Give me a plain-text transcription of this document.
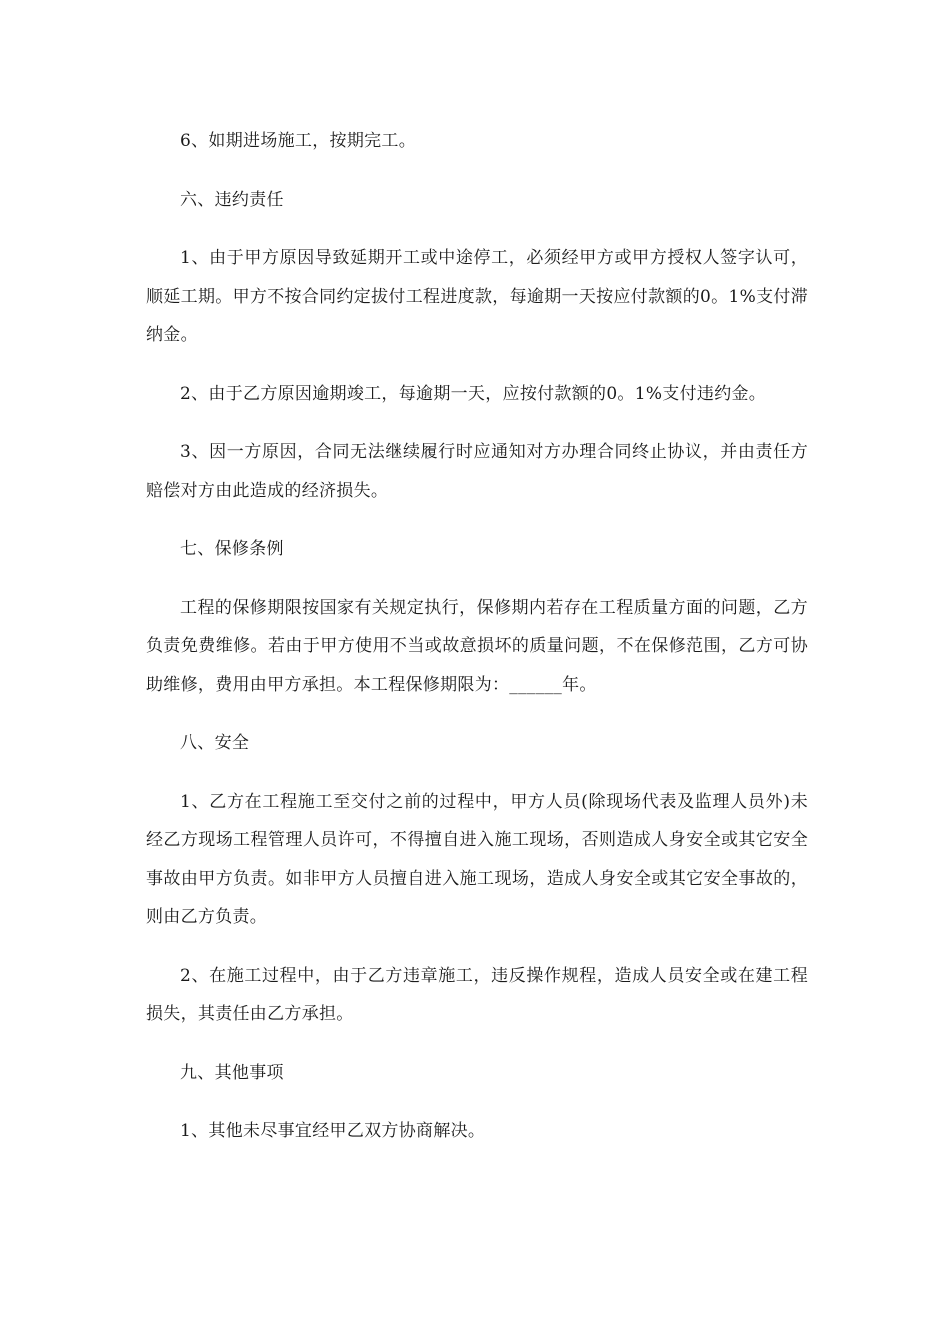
6、如期进场施工，按期完工。

六、违约责任

1、由于甲方原因导致延期开工或中途停工，必须经甲方或甲方授权人签字认可，顺延工期。甲方不按合同约定拔付工程进度款，每逾期一天按应付款额的0。1%支付滞纳金。

2、由于乙方原因逾期竣工，每逾期一天，应按付款额的0。1%支付违约金。

3、因一方原因，合同无法继续履行时应通知对方办理合同终止协议，并由责任方赔偿对方由此造成的经济损失。

七、保修条例

工程的保修期限按国家有关规定执行，保修期内若存在工程质量方面的问题，乙方负责免费维修。若由于甲方使用不当或故意损坏的质量问题，不在保修范围，乙方可协助维修，费用由甲方承担。本工程保修期限为：______年。

八、安全

1、乙方在工程施工至交付之前的过程中，甲方人员(除现场代表及监理人员外)未经乙方现场工程管理人员许可，不得擅自进入施工现场，否则造成人身安全或其它安全事故由甲方负责。如非甲方人员擅自进入施工现场，造成人身安全或其它安全事故的，则由乙方负责。

2、在施工过程中，由于乙方违章施工，违反操作规程，造成人员安全或在建工程损失，其责任由乙方承担。

九、其他事项

1、其他未尽事宜经甲乙双方协商解决。
